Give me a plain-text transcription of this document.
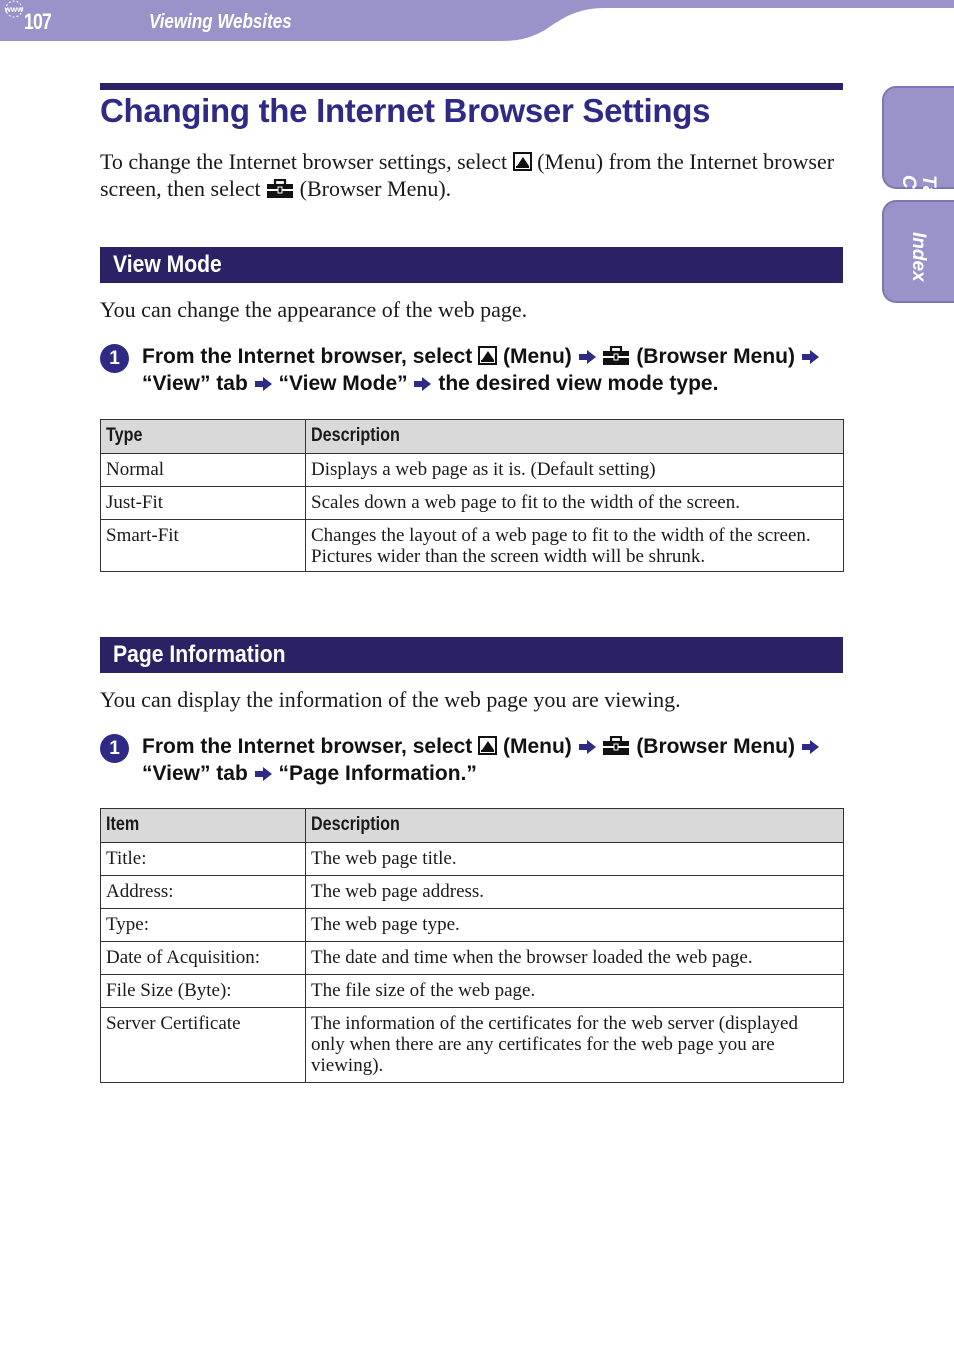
107
www
Viewing Websites
Index
Changing the Internet Browser Settings
To change the Internet browser settings, select (Menu) from the Internet browser screen, then select (Browser Menu).
View Mode
You can change the appearance of the web page.
1	From the Internet browser, select (Menu)	(Browser Menu)
“View” tab “View Mode” the desired view mode type.
Type	Description
Normal	Displays a web page as it is. (Default setting)
Just-Fit	Scales down a web page to fit to the width of the screen.
Smart-Fit	Changes the layout of a web page to fit to the width of the screen. Pictures wider than the screen width will be shrunk.
Page Information
You can display the information of the web page you are viewing.
1	From the Internet browser, select (Menu)	(Browser Menu)
“View” tab “Page Information.”
Item	Description
Title:	The web page title.
Address:	The web page address.
Type:	The web page type.
Date of Acquisition:	The date and time when the browser loaded the web page.
File Size (Byte):	The file size of the web page.
Server Certificate	The information of the certificates for the web server (displayed only when there are any certificates for the web page you are viewing).
